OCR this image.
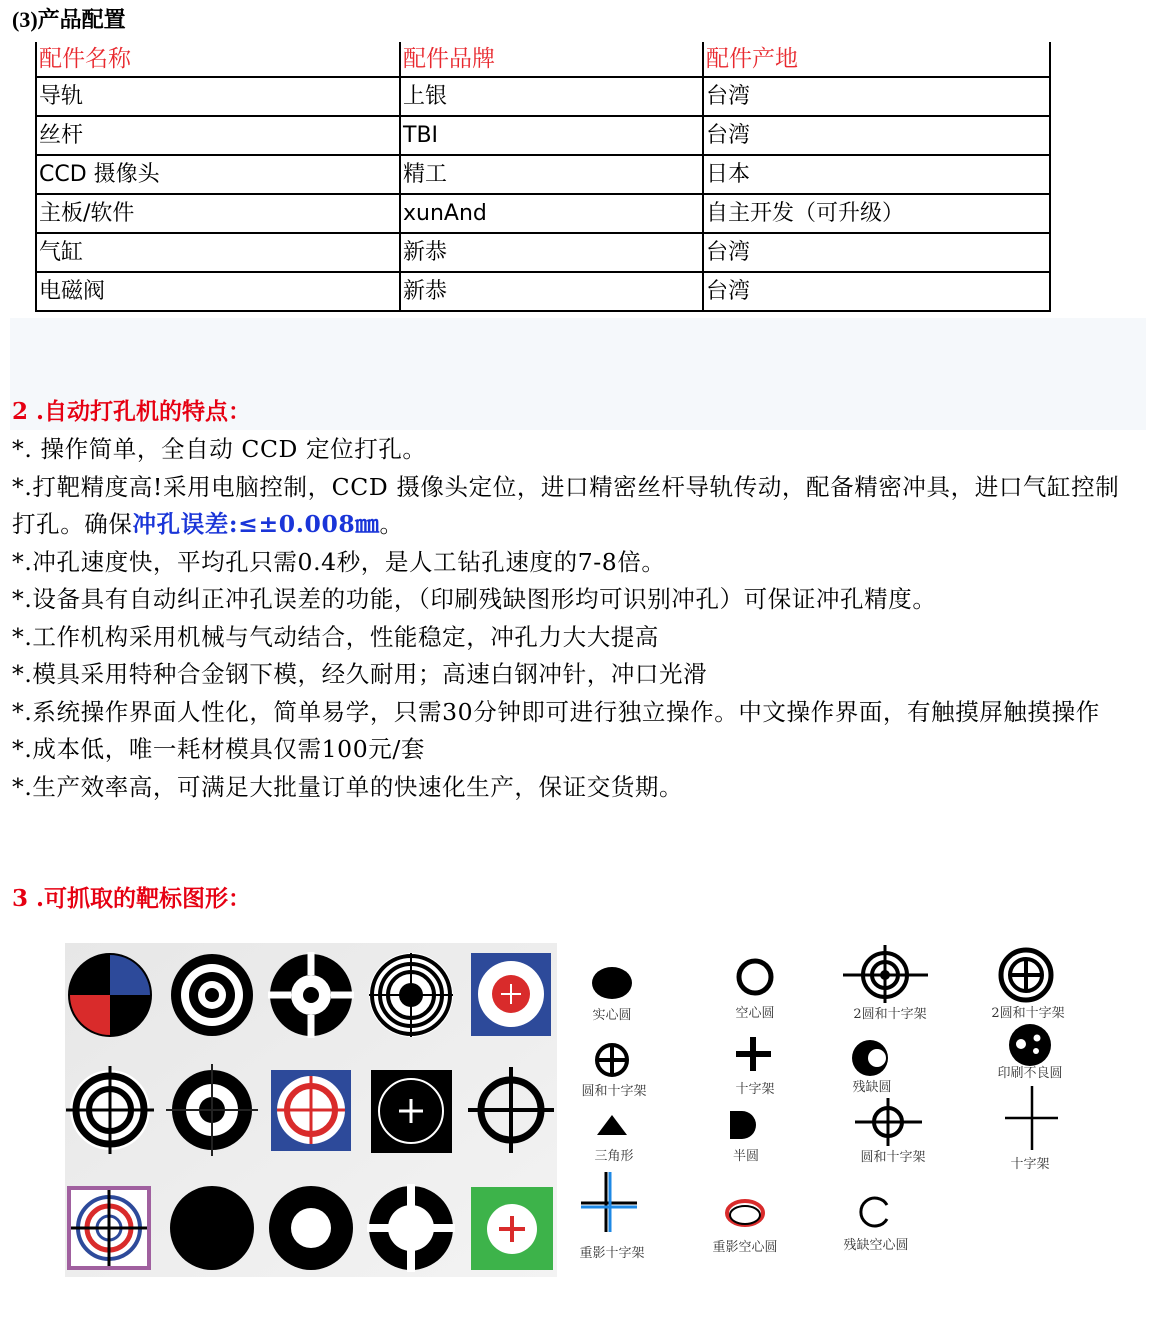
(3)产品配置
配件名称	配件品牌	配件产地
导轨	上银	台湾
丝杆	TBI	台湾
CCD 摄像头	精工	日本
主板/软件	xunAnd	自主开发（可升级）
气缸	新恭	台湾
电磁阀	新恭	台湾
2 .自动打孔机的特点：
*. 操作简单，全自动 CCD 定位打孔。
*.打靶精度高!采用电脑控制，CCD 摄像头定位，进口精密丝杆导轨传动，配备精密冲具，进口气缸控制
打孔。确保冲孔误差:≤±0.008㎜。
*.冲孔速度快，平均孔只需0.4秒，是人工钻孔速度的7-8倍。
*.设备具有自动纠正冲孔误差的功能，（印刷残缺图形均可识别冲孔）可保证冲孔精度。
*.工作机构采用机械与气动结合，性能稳定，冲孔力大大提高
*.模具采用特种合金钢下模，经久耐用；高速白钢冲针，冲口光滑
*.系统操作界面人性化，简单易学，只需30分钟即可进行独立操作。中文操作界面，有触摸屏触摸操作
*.成本低，唯一耗材模具仅需100元/套
*.生产效率高，可满足大批量订单的快速化生产，保证交货期。
3 .可抓取的靶标图形：
实心圆	空心圆	2圆和十字架	2圆和十字架
圆和十字架	十字架	残缺圆
印刷不良圆
三角形	半圆	圆和十字架	十字架
重影十字架	重影空心圆	残缺空心圆
